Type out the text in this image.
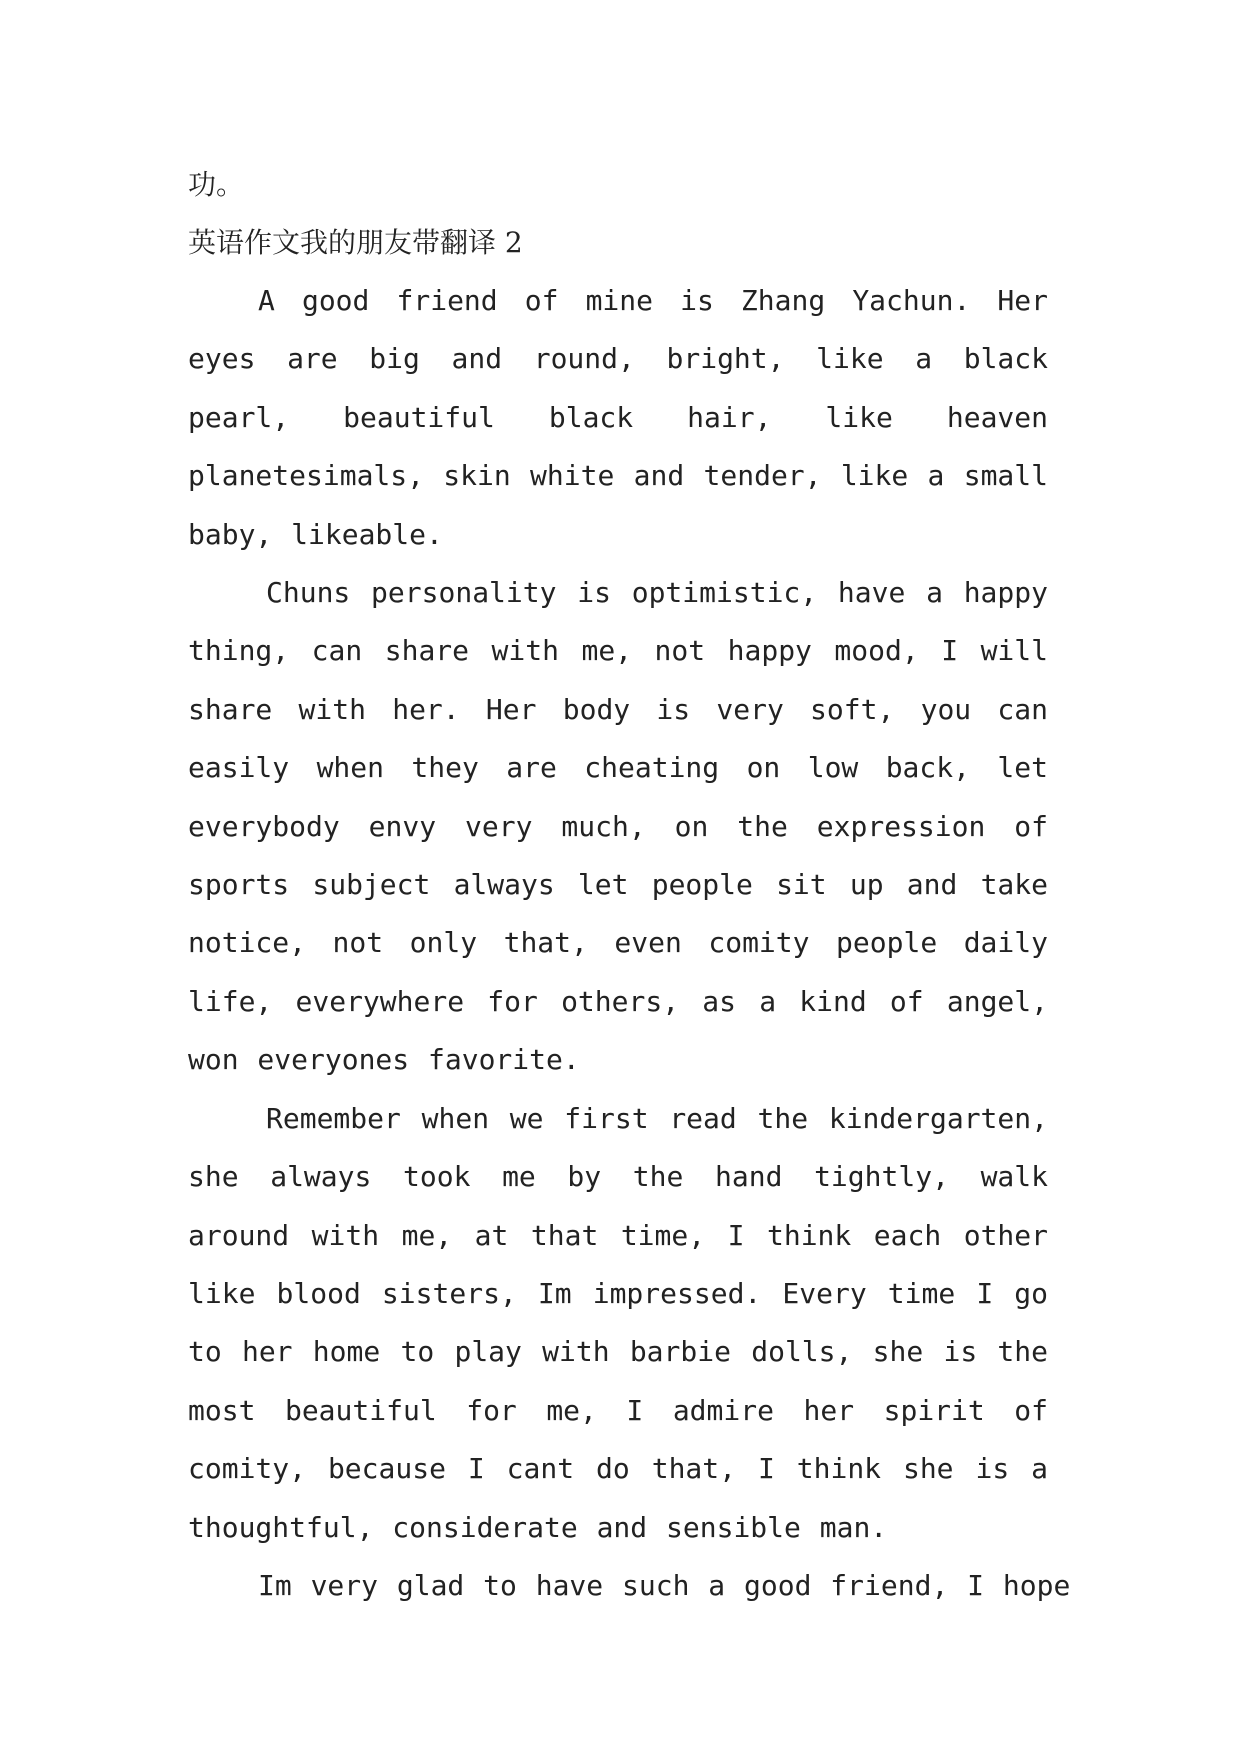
功。

英语作文我的朋友带翻译 2

A good friend of mine is Zhang Yachun. Her eyes are big and round, bright, like a black pearl, beautiful black hair, like heaven planetesimals, skin white and tender, like a small baby, likeable.

Chuns personality is optimistic, have a happy thing, can share with me, not happy mood, I will share with her. Her body is very soft, you can easily when they are cheating on low back, let everybody envy very much, on the expression of sports subject always let people sit up and take notice, not only that, even comity people daily life, everywhere for others, as a kind of angel, won everyones favorite.

Remember when we first read the kindergarten, she always took me by the hand tightly, walk around with me, at that time, I think each other like blood sisters, Im impressed. Every time I go to her home to play with barbie dolls, she is the most beautiful for me, I admire her spirit of comity, because I cant do that, I think she is a thoughtful, considerate and sensible man.

Im very glad to have such a good friend, I hope
